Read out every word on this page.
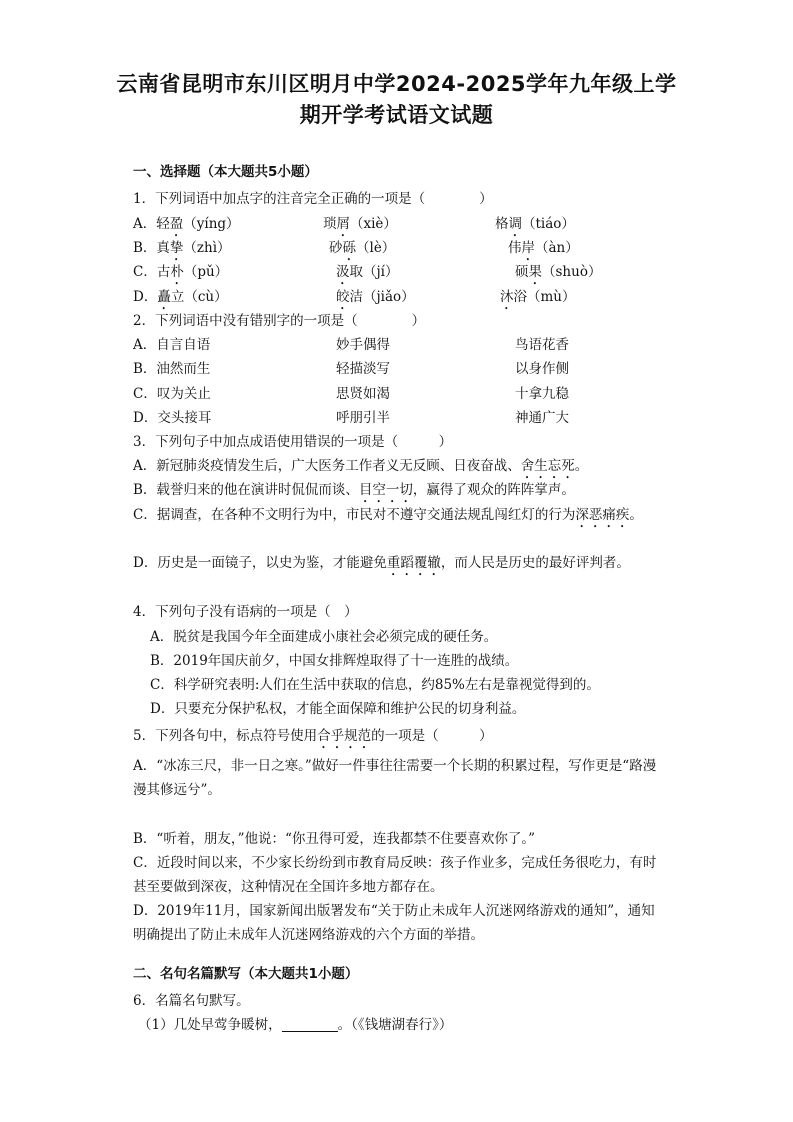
云南省昆明市东川区明月中学2024-2025学年九年级上学
期开学考试语文试题
一、选择题（本大题共5小题）
1．下列词语中加点字的注音完全正确的一项是（　　　　）
A．轻盈（yíng）	琐屑（xiè）	格调（tiáo）
B．真挚（zhì）	砂砾（lè）	伟岸（àn）
C．古朴（pǔ）	汲取（jí）	硕果（shuò）
D．矗立（cù）	皎洁（jiǎo）	沐浴（mù）
2．下列词语中没有错别字的一项是（　　　　）
A．自言自语	妙手偶得	鸟语花香
B．油然而生	轻描淡写	以身作侧
C．叹为关止	思贤如渴	十拿九稳
D．交头接耳	呼朋引半	神通广大
3．下列句子中加点成语使用错误的一项是（　　　）
A．新冠肺炎疫情发生后，广大医务工作者义无反顾、日夜奋战、舍生忘死。
B．载誉归来的他在演讲时侃侃而谈、目空一切，赢得了观众的阵阵掌声。
C．据调查，在各种不文明行为中，市民对不遵守交通法规乱闯红灯的行为深恶痛疾。
D．历史是一面镜子，以史为鉴，才能避免重蹈覆辙，而人民是历史的最好评判者。
4．下列句子没有语病的一项是（　）
A．脱贫是我国今年全面建成小康社会必须完成的硬任务。
B．2019年国庆前夕，中国女排辉煌取得了十一连胜的战绩。
C．科学研究表明:人们在生活中获取的信息，约85%左右是靠视觉得到的。
D．只要充分保护私权，才能全面保障和维护公民的切身利益。
5．下列各句中，标点符号使用合乎规范的一项是（　　　）
A．“冰冻三尺，非一日之寒。”做好一件事往往需要一个长期的积累过程，写作更是“路漫漫其修远兮”。
B．“听着，朋友，”他说：“你丑得可爱，连我都禁不住要喜欢你了。”
C．近段时间以来，不少家长纷纷到市教育局反映：孩子作业多，完成任务很吃力，有时甚至要做到深夜，这种情况在全国许多地方都存在。
D．2019年11月，国家新闻出版署发布“关于防止未成年人沉迷网络游戏的通知”，通知明确提出了防止未成年人沉迷网络游戏的六个方面的举措。
二、名句名篇默写（本大题共1小题）
6．名篇名句默写。
（1）几处早莺争暖树，	。（《钱塘湖春行》）
